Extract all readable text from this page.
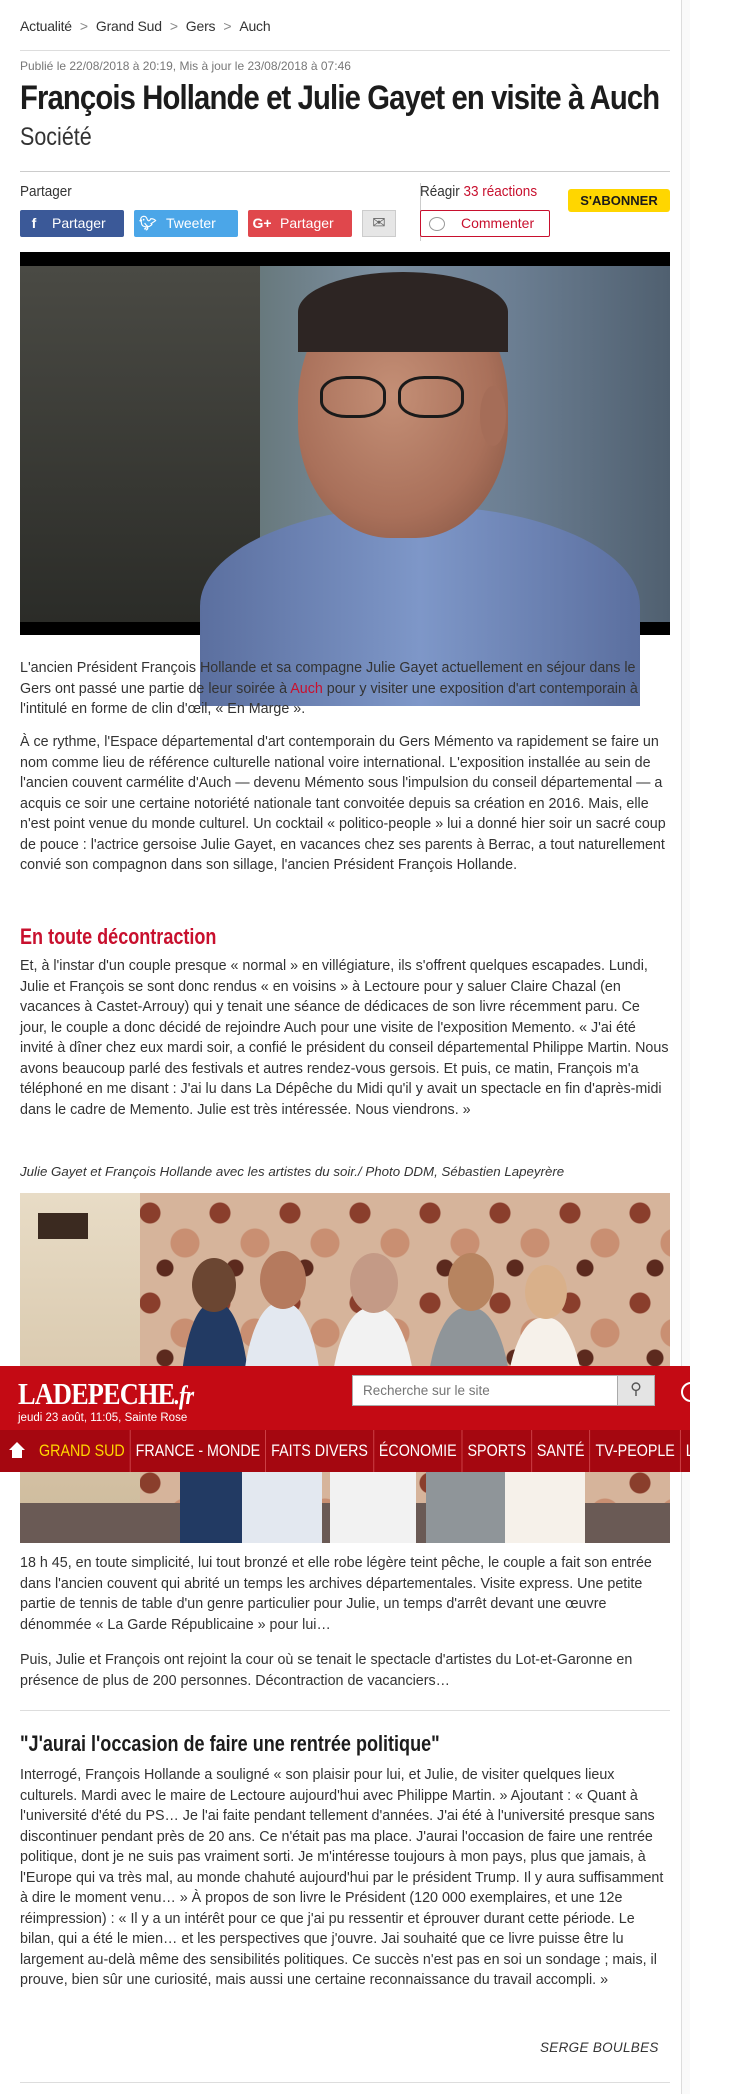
Actualité > Grand Sud > Gers > Auch
Publié le 22/08/2018 à 20:19, Mis à jour le 23/08/2018 à 07:46
François Hollande et Julie Gayet en visite à Auch
Société
Partager
f	Partager	🐦︎ Tweeter	G+ Partager	✉
Réagir 33 réactions
Commenter
S'ABONNER
L'ancien Président François Hollande et sa compagne Julie Gayet actuellement en séjour dans le Gers ont passé une partie de leur soirée à Auch pour y visiter une exposition d'art contemporain à l'intitulé en forme de clin d'œil, « En Marge ».
À ce rythme, l'Espace départemental d'art contemporain du Gers Mémento va rapidement se faire un nom comme lieu de référence culturelle national voire international. L'exposition installée au sein de l'ancien couvent carmélite d'Auch — devenu Mémento sous l'impulsion du conseil départemental — a acquis ce soir une certaine notoriété nationale tant convoitée depuis sa création en 2016. Mais, elle n'est point venue du monde culturel. Un cocktail « politico-people » lui a donné hier soir un sacré coup de pouce : l'actrice gersoise Julie Gayet, en vacances chez ses parents à Berrac, a tout naturellement convié son compagnon dans son sillage, l'ancien Président François Hollande.
En toute décontraction
Et, à l'instar d'un couple presque « normal » en villégiature, ils s'offrent quelques escapades. Lundi, Julie et François se sont donc rendus « en voisins » à Lectoure pour y saluer Claire Chazal (en vacances à Castet-Arrouy) qui y tenait une séance de dédicaces de son livre récemment paru. Ce jour, le couple a donc décidé de rejoindre Auch pour une visite de l'exposition Memento. « J'ai été invité à dîner chez eux mardi soir, a confié le président du conseil départemental Philippe Martin. Nous avons beaucoup parlé des festivals et autres rendez-vous gersois. Et puis, ce matin, François m'a téléphoné en me disant : J'ai lu dans La Dépêche du Midi qu'il y avait un spectacle en fin d'après-midi dans le cadre de Memento. Julie est très intéressée. Nous viendrons. »
Julie Gayet et François Hollande avec les artistes du soir./ Photo DDM, Sébastien Lapeyrère
18 h 45, en toute simplicité, lui tout bronzé et elle robe légère teint pêche, le couple a fait son entrée dans l'ancien couvent qui abrité un temps les archives départementales. Visite express. Une petite partie de tennis de table d'un genre particulier pour Julie, un temps d'arrêt devant une œuvre dénommée « La Garde Républicaine » pour lui…
Puis, Julie et François ont rejoint la cour où se tenait le spectacle d'artistes du Lot-et-Garonne en présence de plus de 200 personnes. Décontraction de vacanciers…
"J'aurai l'occasion de faire une rentrée politique"
Interrogé, François Hollande a souligné « son plaisir pour lui, et Julie, de visiter quelques lieux culturels. Mardi avec le maire de Lectoure aujourd'hui avec Philippe Martin. » Ajoutant : « Quant à l'université d'été du PS… Je l'ai faite pendant tellement d'années. J'ai été à l'université presque sans discontinuer pendant près de 20 ans. Ce n'était pas ma place. J'aurai l'occasion de faire une rentrée politique, dont je ne suis pas vraiment sorti. Je m'intéresse toujours à mon pays, plus que jamais, à l'Europe qui va très mal, au monde chahuté aujourd'hui par le président Trump. Il y aura suffisamment à dire le moment venu… » À propos de son livre le Président (120 000 exemplaires, et une 12e réimpression) : « Il y a un intérêt pour ce que j'ai pu ressentir et éprouver durant cette période. Le bilan, qui a été le mien… et les perspectives que j'ouvre. Jai souhaité que ce livre puisse être lu largement au-delà même des sensibilités politiques. Ce succès n'est pas en soi un sondage ; mais, il prouve, bien sûr une curiosité, mais aussi une certaine reconnaissance du travail accompli. »
SERGE BOULBES
LADEPECHE.fr
jeudi 23 août, 11:05, Sainte Rose
Recherche sur le site
⚲
GRAND SUD FRANCE - MONDE FAITS DIVERS ÉCONOMIE SPORTS SANTÉ TV-PEOPLE LOISIRS
